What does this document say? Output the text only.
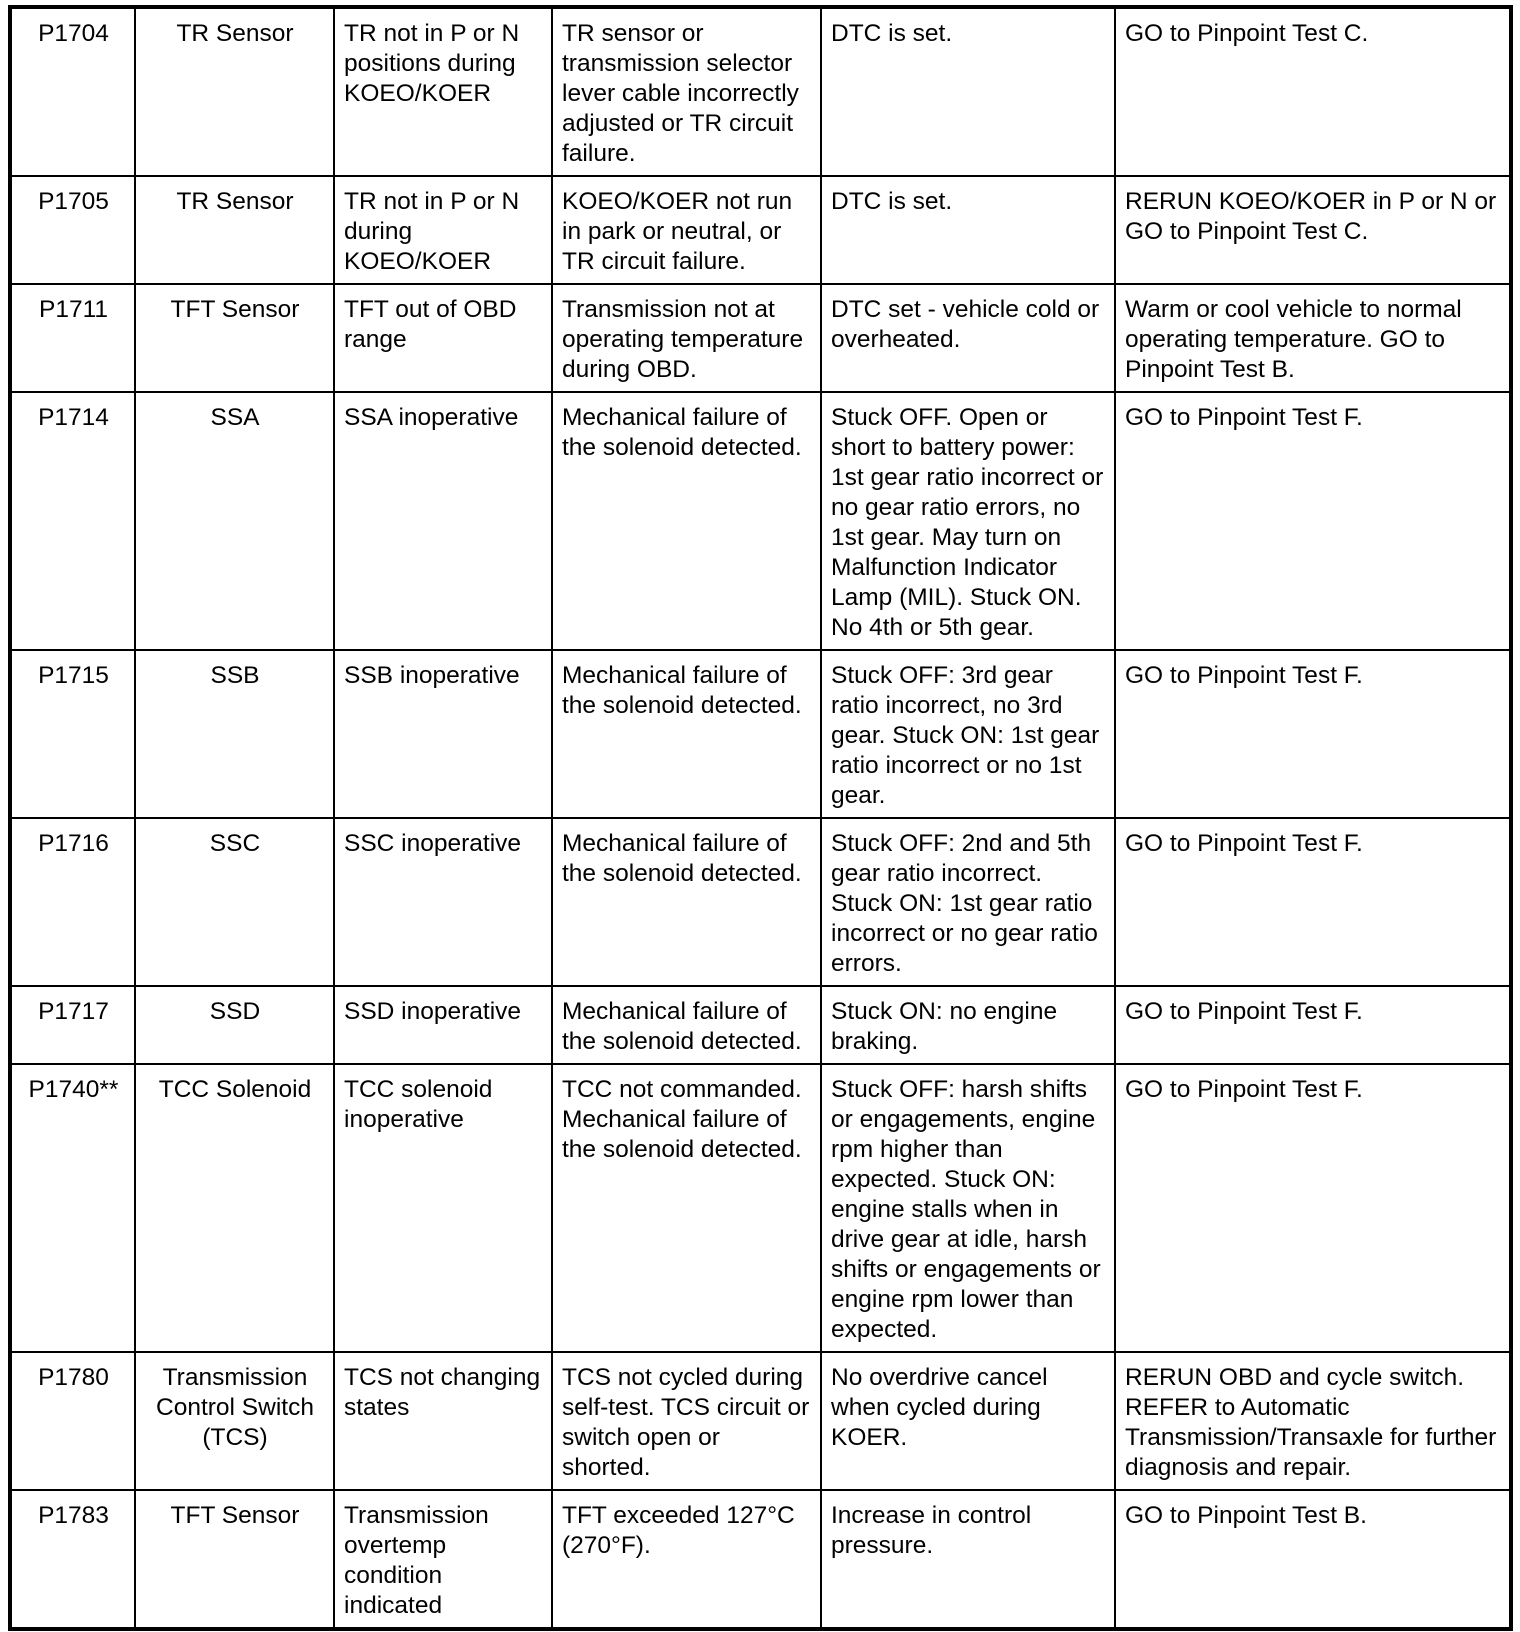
P1704	TR Sensor	TR not in P or N positions during KOEO/KOER	TR sensor or transmission selector lever cable incorrectly adjusted or TR circuit failure.	DTC is set.	GO to Pinpoint Test C.
P1705	TR Sensor	TR not in P or N during KOEO/KOER	KOEO/KOER not run in park or neutral, or TR circuit failure.	DTC is set.	RERUN KOEO/KOER in P or N or GO to Pinpoint Test C.
P1711	TFT Sensor	TFT out of OBD range	Transmission not at operating temperature during OBD.	DTC set - vehicle cold or overheated.	Warm or cool vehicle to normal operating temperature. GO to Pinpoint Test B.
P1714	SSA	SSA inoperative	Mechanical failure of the solenoid detected.	Stuck OFF. Open or short to battery power: 1st gear ratio incorrect or no gear ratio errors, no 1st gear. May turn on Malfunction Indicator Lamp (MIL). Stuck ON. No 4th or 5th gear.	GO to Pinpoint Test F.
P1715	SSB	SSB inoperative	Mechanical failure of the solenoid detected.	Stuck OFF: 3rd gear ratio incorrect, no 3rd gear. Stuck ON: 1st gear ratio incorrect or no 1st gear.	GO to Pinpoint Test F.
P1716	SSC	SSC inoperative	Mechanical failure of the solenoid detected.	Stuck OFF: 2nd and 5th gear ratio incorrect. Stuck ON: 1st gear ratio incorrect or no gear ratio errors.	GO to Pinpoint Test F.
P1717	SSD	SSD inoperative	Mechanical failure of the solenoid detected.	Stuck ON: no engine braking.	GO to Pinpoint Test F.
P1740**	TCC Solenoid	TCC solenoid inoperative	TCC not commanded. Mechanical failure of the solenoid detected.	Stuck OFF: harsh shifts or engagements, engine rpm higher than expected. Stuck ON: engine stalls when in drive gear at idle, harsh shifts or engagements or engine rpm lower than expected.	GO to Pinpoint Test F.
P1780	Transmission Control Switch (TCS)	TCS not changing states	TCS not cycled during self-test. TCS circuit or switch open or shorted.	No overdrive cancel when cycled during KOER.	RERUN OBD and cycle switch. REFER to Automatic Transmission/Transaxle for further diagnosis and repair.
P1783	TFT Sensor	Transmission overtemp condition indicated	TFT exceeded 127°C (270°F).	Increase in control pressure.	GO to Pinpoint Test B.
